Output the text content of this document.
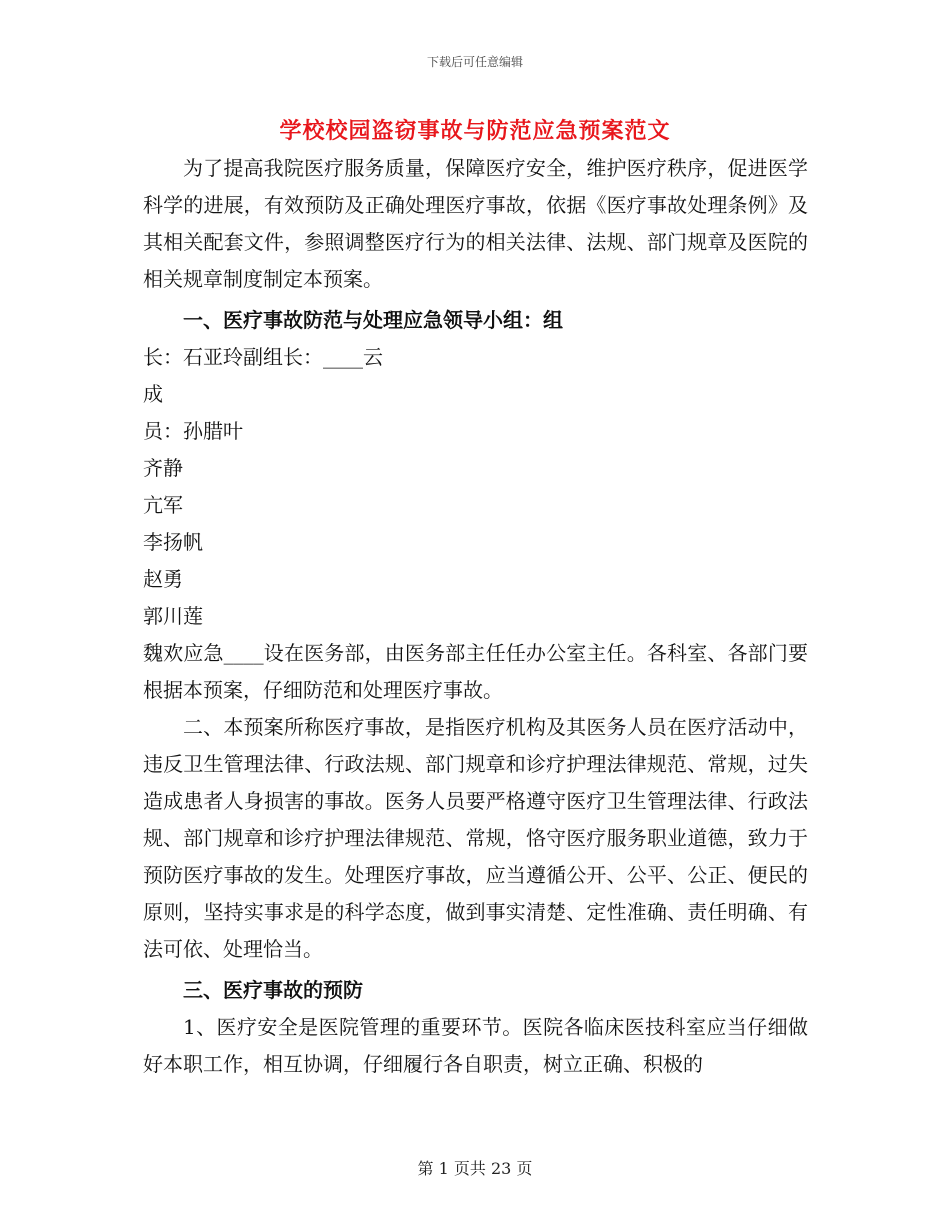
下载后可任意编辑
学校校园盗窃事故与防范应急预案范文

为了提高我院医疗服务质量，保障医疗安全，维护医疗秩序，促进医学科学的进展，有效预防及正确处理医疗事故，依据《医疗事故处理条例》及其相关配套文件，参照调整医疗行为的相关法律、法规、部门规章及医院的相关规章制度制定本预案。

一、医疗事故防范与处理应急领导小组：组

长：石亚玲副组长：____云

成

员：孙腊叶

齐静

亢军

李扬帆

赵勇

郭川莲

魏欢应急____设在医务部，由医务部主任任办公室主任。各科室、各部门要根据本预案，仔细防范和处理医疗事故。

二、本预案所称医疗事故，是指医疗机构及其医务人员在医疗活动中，违反卫生管理法律、行政法规、部门规章和诊疗护理法律规范、常规，过失造成患者人身损害的事故。医务人员要严格遵守医疗卫生管理法律、行政法规、部门规章和诊疗护理法律规范、常规，恪守医疗服务职业道德，致力于预防医疗事故的发生。处理医疗事故，应当遵循公开、公平、公正、便民的原则，坚持实事求是的科学态度，做到事实清楚、定性准确、责任明确、有法可依、处理恰当。

三、医疗事故的预防

1、医疗安全是医院管理的重要环节。医院各临床医技科室应当仔细做好本职工作，相互协调，仔细履行各自职责，树立正确、积极的

第 1 页共 23 页
